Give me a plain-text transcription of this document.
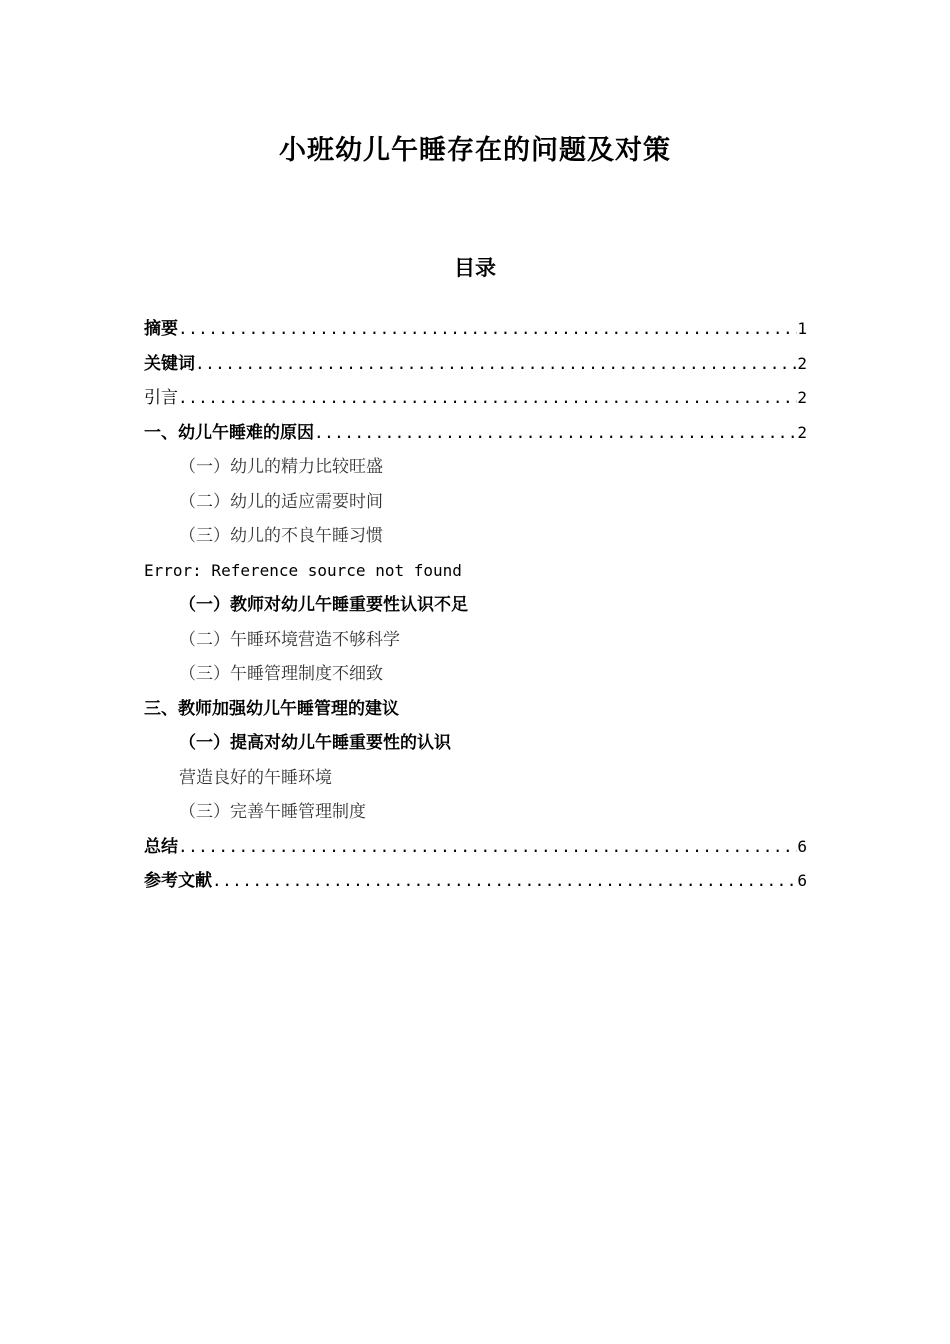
小班幼儿午睡存在的问题及对策
目录
摘要 .....	1
关键词 .....	2
引言 .....	2
一、幼儿午睡难的原因 .....	2
（一）幼儿的精力比较旺盛
（二）幼儿的适应需要时间
（三）幼儿的不良午睡习惯
Error: Reference source not found
（一）教师对幼儿午睡重要性认识不足
（二）午睡环境营造不够科学
（三）午睡管理制度不细致
三、教师加强幼儿午睡管理的建议
（一）提高对幼儿午睡重要性的认识
营造良好的午睡环境
（三）完善午睡管理制度
总结 .....	6
参考文献 .....	6
